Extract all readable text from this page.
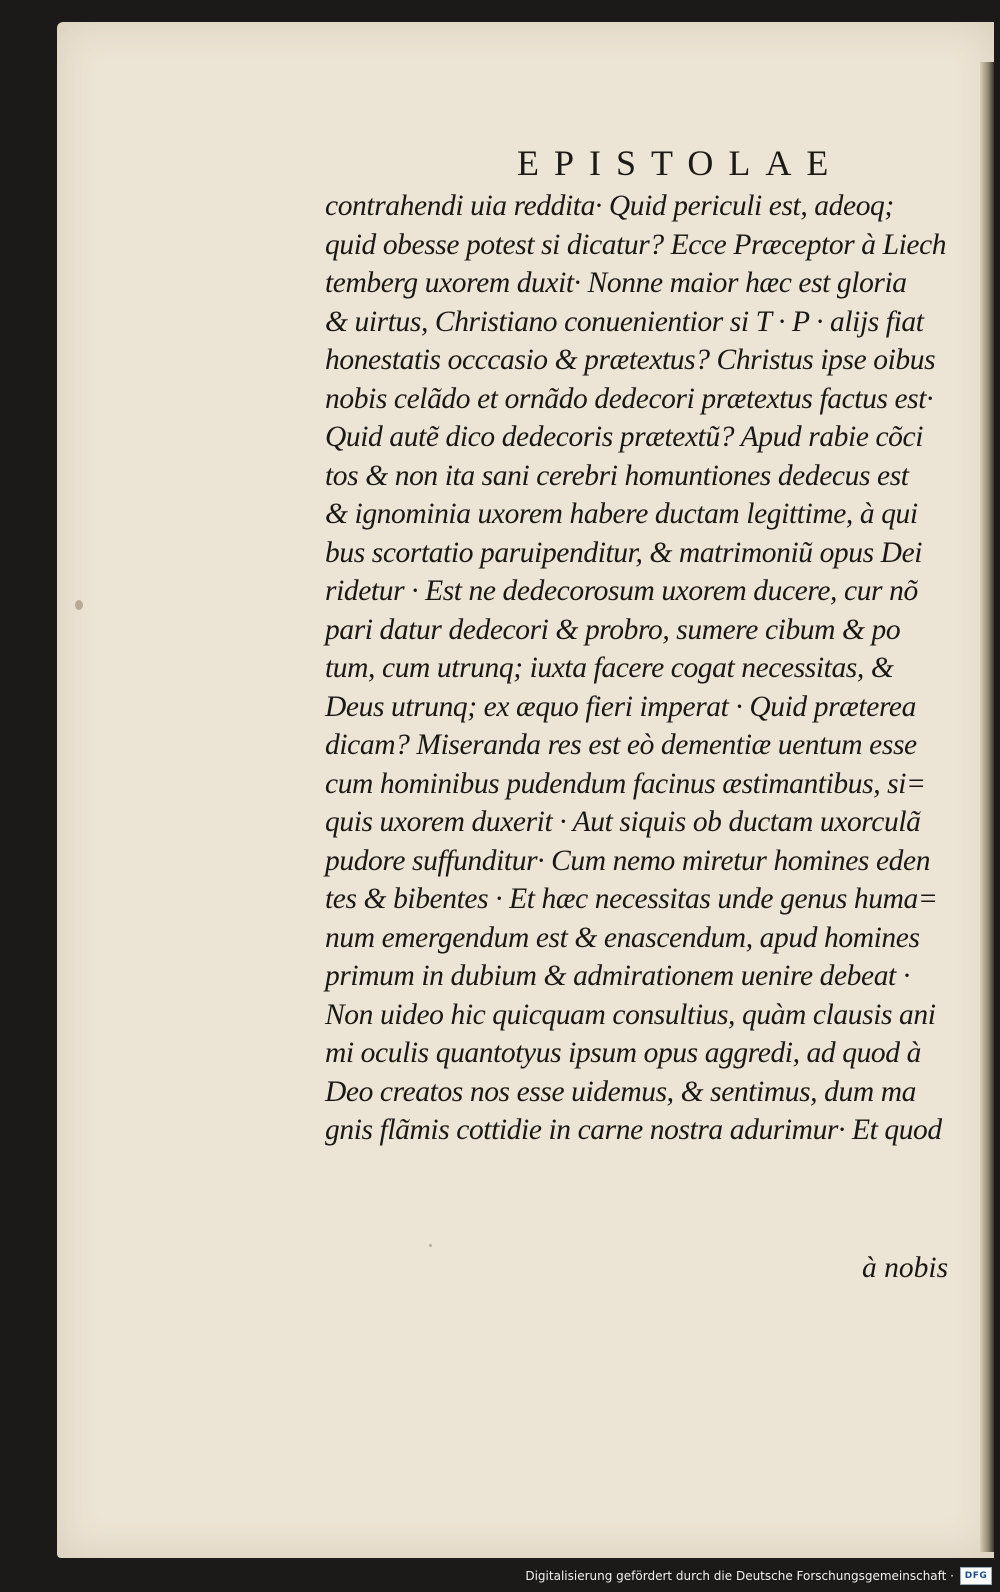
EPISTOLAE
contrahendi uia reddita· Quid periculi est, adeoq;
quid obesse potest si dicatur? Ecce Præceptor à Liech
temberg uxorem duxit· Nonne maior hæc est gloria
& uirtus, Christiano conuenientior si T · P · alijs fiat
honestatis occcasio & prætextus? Christus ipse oibus
nobis celãdo et ornãdo dedecori prætextus factus est·
Quid autẽ dico dedecoris prætextũ? Apud rabie cõci
tos & non ita sani cerebri homuntiones dedecus est
& ignominia uxorem habere ductam legittime, à qui
bus scortatio paruipenditur, & matrimoniũ opus Dei
ridetur · Est ne dedecorosum uxorem ducere, cur nõ
pari datur dedecori & probro, sumere cibum & po
tum, cum utrunq; iuxta facere cogat necessitas, &
Deus utrunq; ex æquo fieri imperat · Quid præterea
dicam? Miseranda res est eò dementiæ uentum esse
cum hominibus pudendum facinus æstimantibus, si=
quis uxorem duxerit · Aut siquis ob ductam uxorculã
pudore suffunditur· Cum nemo miretur homines eden
tes & bibentes · Et hæc necessitas unde genus huma=
num emergendum est & enascendum, apud homines
primum in dubium & admirationem uenire debeat ·
Non uideo hic quicquam consultius, quàm clausis ani
mi oculis quantotyus ipsum opus aggredi, ad quod à
Deo creatos nos esse uidemus, & sentimus, dum ma
gnis flãmis cottidie in carne nostra adurimur· Et quod
à nobis
Digitalisierung gefördert durch die Deutsche Forschungsgemeinschaft · DFG
